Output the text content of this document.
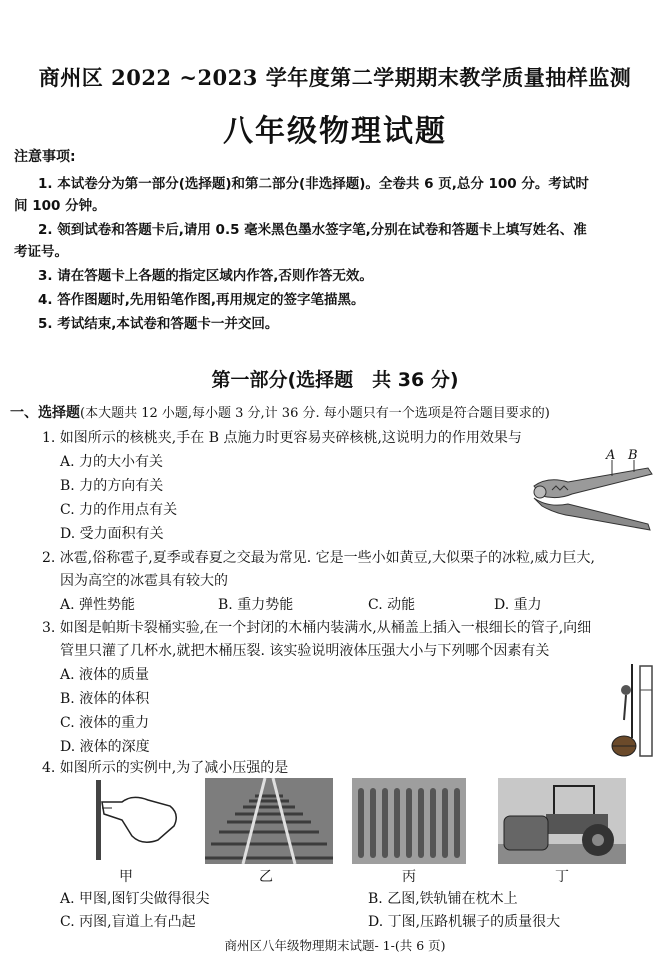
商州区 2022 ~2023 学年度第二学期期末教学质量抽样监测
八年级物理试题
注意事项:
1. 本试卷分为第一部分(选择题)和第二部分(非选择题)。全卷共 6 页,总分 100 分。考试时
间 100 分钟。
2. 领到试卷和答题卡后,请用 0.5 毫米黑色墨水签字笔,分别在试卷和答题卡上填写姓名、准
考证号。
3. 请在答题卡上各题的指定区域内作答,否则作答无效。
4. 答作图题时,先用铅笔作图,再用规定的签字笔描黑。
5. 考试结束,本试卷和答题卡一并交回。
第一部分(选择题　共 36 分)
一、选择题(本大题共 12 小题,每小题 3 分,计 36 分. 每小题只有一个选项是符合题目要求的)
1. 如图所示的核桃夹,手在 B 点施力时更容易夹碎核桃,这说明力的作用效果与
A. 力的大小有关
B. 力的方向有关
C. 力的作用点有关
D. 受力面积有关
A B
2. 冰雹,俗称雹子,夏季或春夏之交最为常见. 它是一些小如黄豆,大似栗子的冰粒,威力巨大,
因为高空的冰雹具有较大的
A. 弹性势能	B. 重力势能	C. 动能	D. 重力
3. 如图是帕斯卡裂桶实验,在一个封闭的木桶内装满水,从桶盖上插入一根细长的管子,向细
管里只灌了几杯水,就把木桶压裂. 该实验说明液体压强大小与下列哪个因素有关
A. 液体的质量
B. 液体的体积
C. 液体的重力
D. 液体的深度
4. 如图所示的实例中,为了减小压强的是
甲	乙	丙	丁
A. 甲图,图钉尖做得很尖	B. 乙图,铁轨铺在枕木上
C. 丙图,盲道上有凸起	D. 丁图,压路机辗子的质量很大
商州区八年级物理期末试题- 1-(共 6 页)
